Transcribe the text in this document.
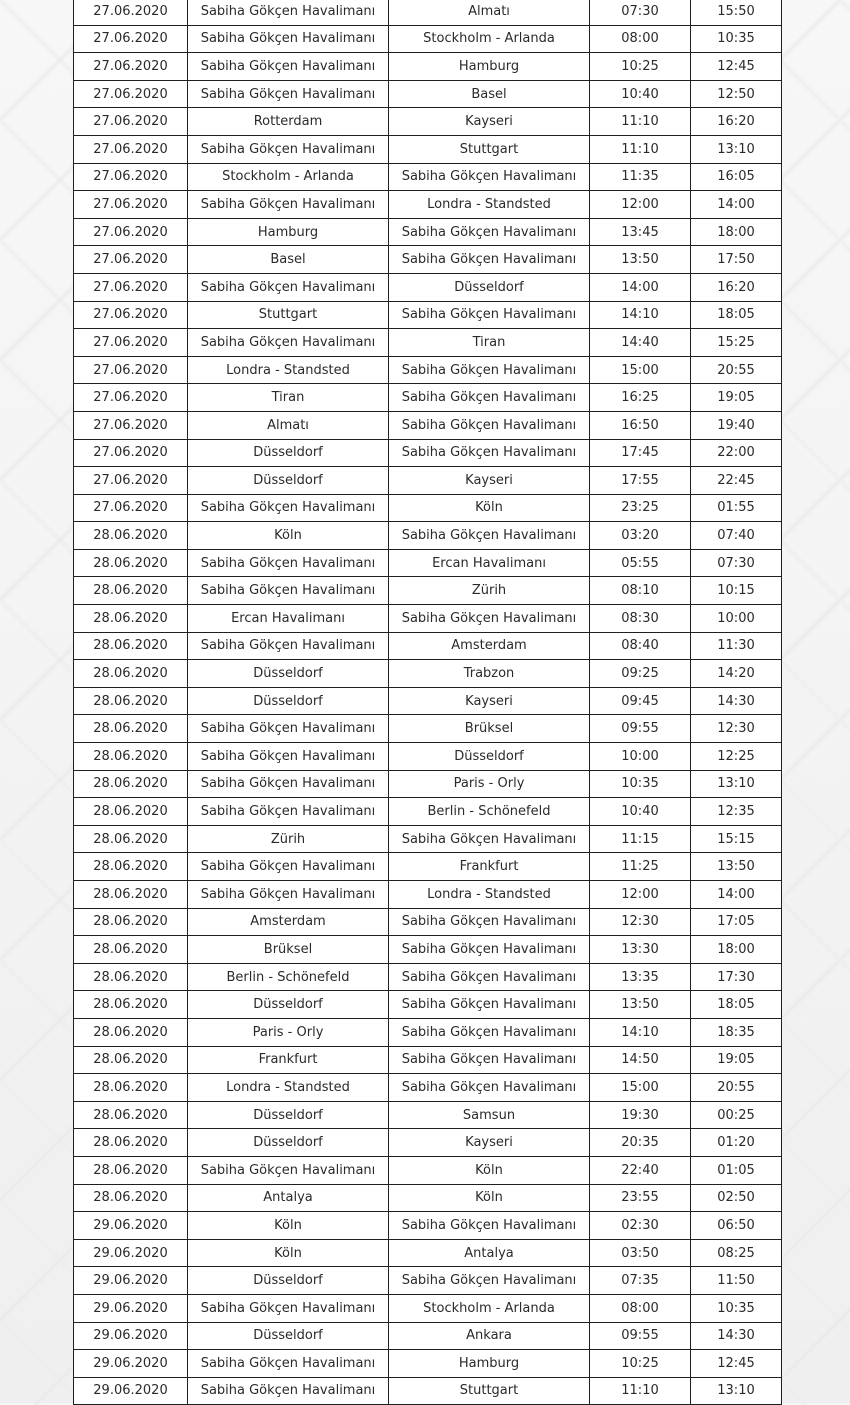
27.06.2020	Sabiha Gökçen Havalimanı	Almatı	07:30	15:50
27.06.2020	Sabiha Gökçen Havalimanı	Stockholm - Arlanda	08:00	10:35
27.06.2020	Sabiha Gökçen Havalimanı	Hamburg	10:25	12:45
27.06.2020	Sabiha Gökçen Havalimanı	Basel	10:40	12:50
27.06.2020	Rotterdam	Kayseri	11:10	16:20
27.06.2020	Sabiha Gökçen Havalimanı	Stuttgart	11:10	13:10
27.06.2020	Stockholm - Arlanda	Sabiha Gökçen Havalimanı	11:35	16:05
27.06.2020	Sabiha Gökçen Havalimanı	Londra - Standsted	12:00	14:00
27.06.2020	Hamburg	Sabiha Gökçen Havalimanı	13:45	18:00
27.06.2020	Basel	Sabiha Gökçen Havalimanı	13:50	17:50
27.06.2020	Sabiha Gökçen Havalimanı	Düsseldorf	14:00	16:20
27.06.2020	Stuttgart	Sabiha Gökçen Havalimanı	14:10	18:05
27.06.2020	Sabiha Gökçen Havalimanı	Tiran	14:40	15:25
27.06.2020	Londra - Standsted	Sabiha Gökçen Havalimanı	15:00	20:55
27.06.2020	Tiran	Sabiha Gökçen Havalimanı	16:25	19:05
27.06.2020	Almatı	Sabiha Gökçen Havalimanı	16:50	19:40
27.06.2020	Düsseldorf	Sabiha Gökçen Havalimanı	17:45	22:00
27.06.2020	Düsseldorf	Kayseri	17:55	22:45
27.06.2020	Sabiha Gökçen Havalimanı	Köln	23:25	01:55
28.06.2020	Köln	Sabiha Gökçen Havalimanı	03:20	07:40
28.06.2020	Sabiha Gökçen Havalimanı	Ercan Havalimanı	05:55	07:30
28.06.2020	Sabiha Gökçen Havalimanı	Zürih	08:10	10:15
28.06.2020	Ercan Havalimanı	Sabiha Gökçen Havalimanı	08:30	10:00
28.06.2020	Sabiha Gökçen Havalimanı	Amsterdam	08:40	11:30
28.06.2020	Düsseldorf	Trabzon	09:25	14:20
28.06.2020	Düsseldorf	Kayseri	09:45	14:30
28.06.2020	Sabiha Gökçen Havalimanı	Brüksel	09:55	12:30
28.06.2020	Sabiha Gökçen Havalimanı	Düsseldorf	10:00	12:25
28.06.2020	Sabiha Gökçen Havalimanı	Paris - Orly	10:35	13:10
28.06.2020	Sabiha Gökçen Havalimanı	Berlin - Schönefeld	10:40	12:35
28.06.2020	Zürih	Sabiha Gökçen Havalimanı	11:15	15:15
28.06.2020	Sabiha Gökçen Havalimanı	Frankfurt	11:25	13:50
28.06.2020	Sabiha Gökçen Havalimanı	Londra - Standsted	12:00	14:00
28.06.2020	Amsterdam	Sabiha Gökçen Havalimanı	12:30	17:05
28.06.2020	Brüksel	Sabiha Gökçen Havalimanı	13:30	18:00
28.06.2020	Berlin - Schönefeld	Sabiha Gökçen Havalimanı	13:35	17:30
28.06.2020	Düsseldorf	Sabiha Gökçen Havalimanı	13:50	18:05
28.06.2020	Paris - Orly	Sabiha Gökçen Havalimanı	14:10	18:35
28.06.2020	Frankfurt	Sabiha Gökçen Havalimanı	14:50	19:05
28.06.2020	Londra - Standsted	Sabiha Gökçen Havalimanı	15:00	20:55
28.06.2020	Düsseldorf	Samsun	19:30	00:25
28.06.2020	Düsseldorf	Kayseri	20:35	01:20
28.06.2020	Sabiha Gökçen Havalimanı	Köln	22:40	01:05
28.06.2020	Antalya	Köln	23:55	02:50
29.06.2020	Köln	Sabiha Gökçen Havalimanı	02:30	06:50
29.06.2020	Köln	Antalya	03:50	08:25
29.06.2020	Düsseldorf	Sabiha Gökçen Havalimanı	07:35	11:50
29.06.2020	Sabiha Gökçen Havalimanı	Stockholm - Arlanda	08:00	10:35
29.06.2020	Düsseldorf	Ankara	09:55	14:30
29.06.2020	Sabiha Gökçen Havalimanı	Hamburg	10:25	12:45
29.06.2020	Sabiha Gökçen Havalimanı	Stuttgart	11:10	13:10
